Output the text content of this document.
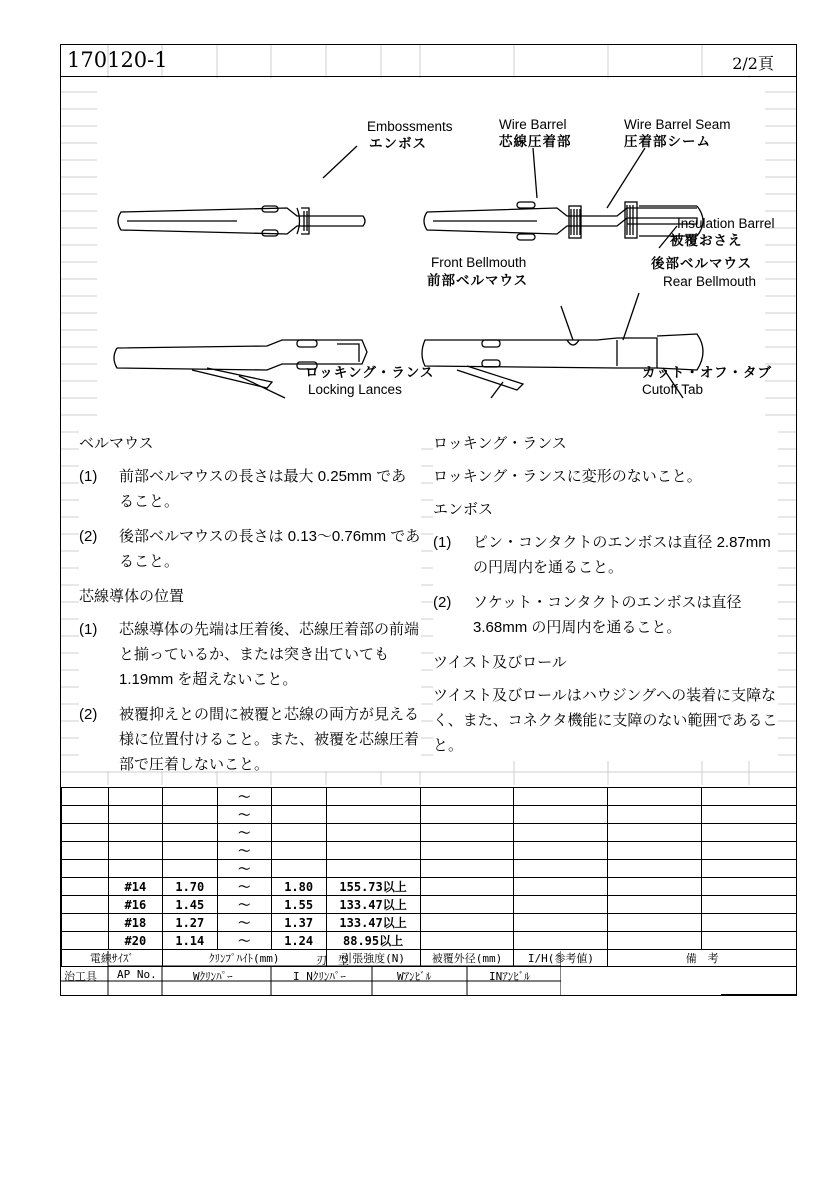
170120-1	2/2頁
Embossments
エンボス
Wire Barrel
芯線圧着部
Wire Barrel Seam
圧着部シーム
Insulation Barrel
被覆おさえ
Front Bellmouth
前部ベルマウス
後部ベルマウス
Rear Bellmouth
ロッキング・ランス
Locking Lances
カット・オフ・タブ
Cutoff Tab

ベルマウス

(1)	前部ベルマウスの長さは最大 0.25mm であること。
(2)	後部ベルマウスの長さは 0.13～0.76mm であること。

芯線導体の位置

(1)	芯線導体の先端は圧着後、芯線圧着部の前端と揃っているか、または突き出ていても 1.19mm を超えないこと。
(2)	被覆抑えとの間に被覆と芯線の両方が見える様に位置付けること。また、被覆を芯線圧着部で圧着しないこと。

ロッキング・ランス

ロッキング・ランスに変形のないこと。

エンボス

(1)	ピン・コンタクトのエンボスは直径 2.87mm の円周内を通ること。
(2)	ソケット・コンタクトのエンボスは直径 3.68mm の円周内を通ること。

ツイスト及びロール

ツイスト及びロールはハウジングへの装着に支障なく、また、コネクタ機能に支障のない範囲であること。

			～						
			～						
			～						
			～						
			～						
	#14	1.70	～	1.80	155.73以上				
	#16	1.45	～	1.55	133.47以上				
	#18	1.27	～	1.37	133.47以上				
	#20	1.14	～	1.24	88.95以上				
電線ｻｲｽﾞ		ｸﾘﾝﾌﾟﾊｲﾄ(mm)			引張強度(N)	被覆外径(mm)	I/H(参考値)	備　考	
刃　型
治工具 AP No.	Wｸﾘﾝﾊﾟｰ	I Nｸﾘﾝﾊﾟｰ	Wｱﾝﾋﾞﾙ	INｱﾝﾋﾞﾙ
